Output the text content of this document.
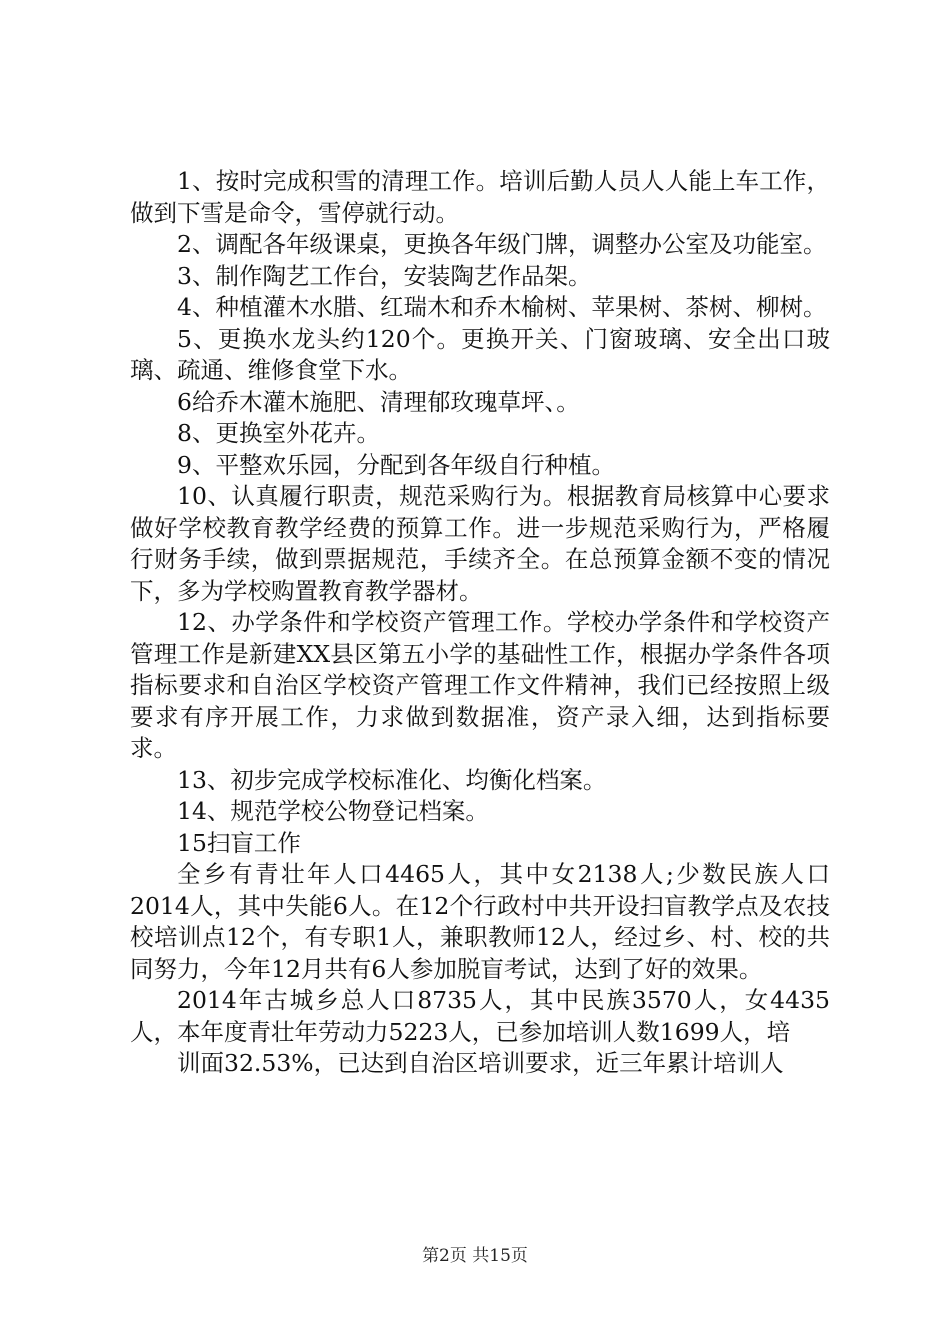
1、按时完成积雪的清理工作。培训后勤人员人人能上车工作，做到下雪是命令，雪停就行动。

2、调配各年级课桌，更换各年级门牌，调整办公室及功能室。

3、制作陶艺工作台，安装陶艺作品架。

4、种植灌木水腊、红瑞木和乔木榆树、苹果树、茶树、柳树。

5、更换水龙头约120个。更换开关、门窗玻璃、安全出口玻璃、疏通、维修食堂下水。

6给乔木灌木施肥、清理郁玫瑰草坪、。

8、更换室外花卉。

9、平整欢乐园，分配到各年级自行种植。

10、认真履行职责，规范采购行为。根据教育局核算中心要求做好学校教育教学经费的预算工作。进一步规范采购行为，严格履行财务手续，做到票据规范，手续齐全。在总预算金额不变的情况下，多为学校购置教育教学器材。

12、办学条件和学校资产管理工作。学校办学条件和学校资产管理工作是新建XX县区第五小学的基础性工作，根据办学条件各项指标要求和自治区学校资产管理工作文件精神，我们已经按照上级要求有序开展工作，力求做到数据准，资产录入细，达到指标要求。

13、初步完成学校标准化、均衡化档案。

14、规范学校公物登记档案。

15扫盲工作

全乡有青壮年人口4465人，其中女2138人;少数民族人口2014人，其中失能6人。在12个行政村中共开设扫盲教学点及农技校培训点12个，有专职1人，兼职教师12人，经过乡、村、校的共同努力，今年12月共有6人参加脱盲考试，达到了好的效果。

2014年古城乡总人口8735人，其中民族3570人，女4435人，本年度青壮年劳动力5223人，已参加培训人数1699人，培

训面32.53%，已达到自治区培训要求，近三年累计培训人

第2页 共15页
